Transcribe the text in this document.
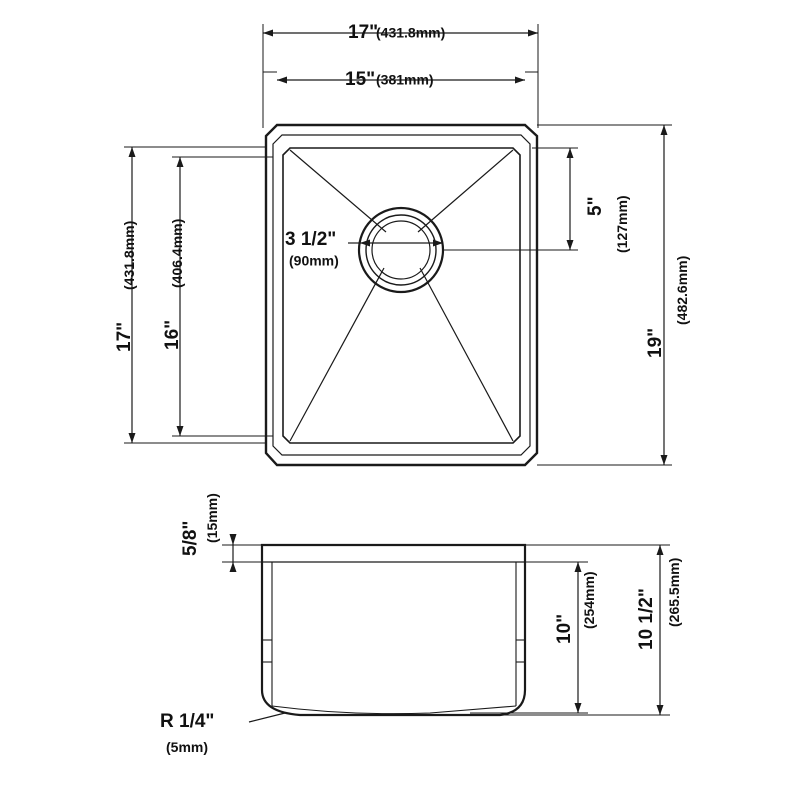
17"
(431.8mm)
15" (381mm)
3 1/2"
(90mm)
5" (127mm)
19"
(482.6mm)
17"
(431.8mm)
16"
(406.4mm)
5/8" (15mm)
10" (254mm) 10 1/2" (265.5mm)
R 1/4"
(5mm)
